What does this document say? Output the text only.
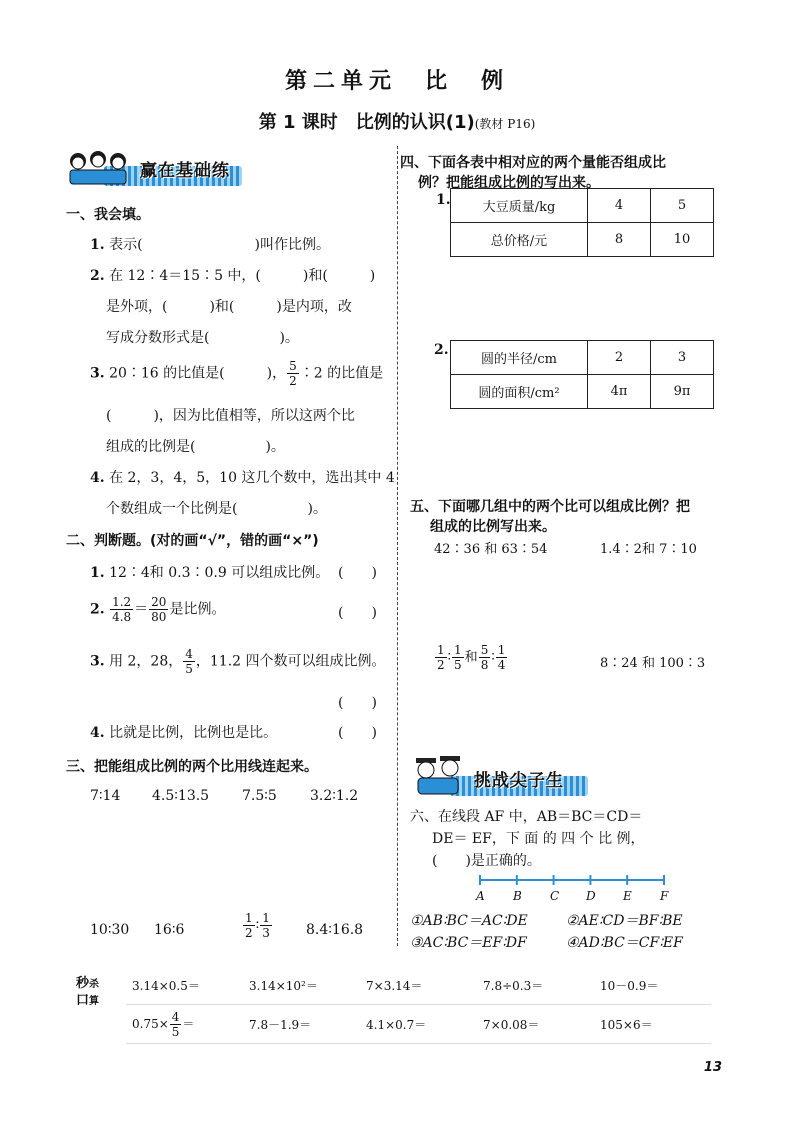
第二单元　比　例
第 1 课时　比例的认识(1)(教材 P16)
赢在基础练
一、我会填。
1. 表示(　　　　　　　　)叫作比例。
2. 在 12∶4＝15∶5 中，(　　　)和(　　　)
是外项，(　　　)和(　　　)是内项，改
写成分数形式是(　　　　　)。
3. 20∶16 的比值是(　　　)， $\frac{5}{2}$ ∶2 的比值是
(　　　)，因为比值相等，所以这两个比
组成的比例是(　　　　　)。
4. 在 2，3，4，5，10 这几个数中，选出其中 4
个数组成一个比例是(　　　　　)。
二、判断题。(对的画“√”，错的画“×”)
1. 12∶4和 0.3∶0.9 可以组成比例。 (　　)
2. $\frac{1.2}{4.8} = \frac{20}{80}$ 是比例。	(　　)
3. 用 2，28， $\frac{4}{5}$ ，11.2 四个数可以组成比例。
(　　)
4. 比就是比例，比例也是比。	(　　)
三、把能组成比例的两个比用线连起来。
7∶14 4.5∶13.5 7.5∶5 3.2∶1.2
10∶30 16∶6	$\frac{1}{2}$ ∶ $\frac{1}{3}$ 8.4∶16.8
四、下面各表中相对应的两个量能否组成比
例？把能组成比例的写出来。
1. 大豆质量/kg	4	5
总价格/元	8	10
2.
圆的半径/cm	2	3
圆的面积/cm²	4π	9π
五、下面哪几组中的两个比可以组成比例？把
组成的比例写出来。
42∶36 和 63∶54	1.4∶2和 7∶10
$\frac{1}{2}$ ∶ $\frac{1}{5}$ 和 $\frac{5}{8}$ ∶ $\frac{1}{4}$	8∶24 和 100∶3
挑战尖子生
六、在线段 AF 中，AB＝BC＝CD＝
DE＝ EF，下 面 的 四 个 比 例，
(　　)是正确的。
A B C D E F
①AB∶BC＝AC∶DE	②AE∶CD＝BF∶BE
③AC∶BC＝EF∶DF	④AD∶BC＝CF∶EF
秒杀
口算
3.14×0.5＝	3.14×10²＝	7×3.14＝	7.8÷0.3＝	10－0.9＝
$0.75\times \frac{4}{5}$ ＝	7.8－1.9＝	4.1×0.7＝	7×0.08＝	105×6＝
13
